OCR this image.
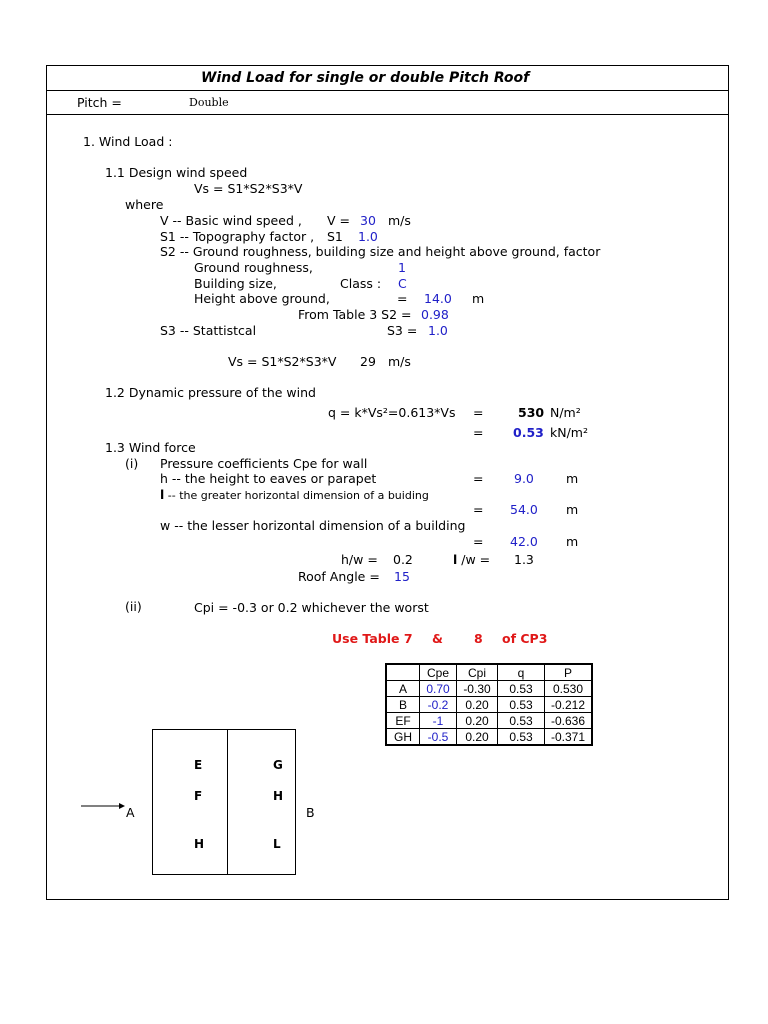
Wind Load for single or double Pitch Roof
Pitch =	Double
1. Wind Load :
1.1 Design wind speed
Vs = S1*S2*S3*V
where
V -- Basic wind speed , V = 30 m/s
S1 -- Topography factor , S1 1.0
S2 -- Ground roughness, building size and height above ground, factor
Ground roughness,	1
Building size,	Class : C
Height above ground,	= 14.0 m
From Table 3 S2 = 0.98
S3 -- Stattistcal	S3 = 1.0
Vs = S1*S2*S3*V 29 m/s
1.2 Dynamic pressure of the wind
q = k*Vs²=0.613*Vs =	530 N/m²
= 0.53 kN/m²
1.3 Wind force
(i) Pressure coefficients Cpe for wall
h -- the height to eaves or parapet	= 9.0	m
l -- the greater horizontal dimension of a buiding
= 54.0 m
w -- the lesser horizontal dimension of a building
= 42.0 m
h/w = 0.2	l /w = 1.3
Roof Angle = 15
(ii)	Cpi = -0.3 or 0.2 whichever the worst
Use Table 7 & 8 of CP3
	Cpe	Cpi	q	P
A	0.70	-0.30	0.53	0.530
B	-0.2	0.20	0.53	-0.212
EF	-1	0.20	0.53	-0.636
GH	-0.5	0.20	0.53	-0.371
E	G
F	H
H	L
A	B
